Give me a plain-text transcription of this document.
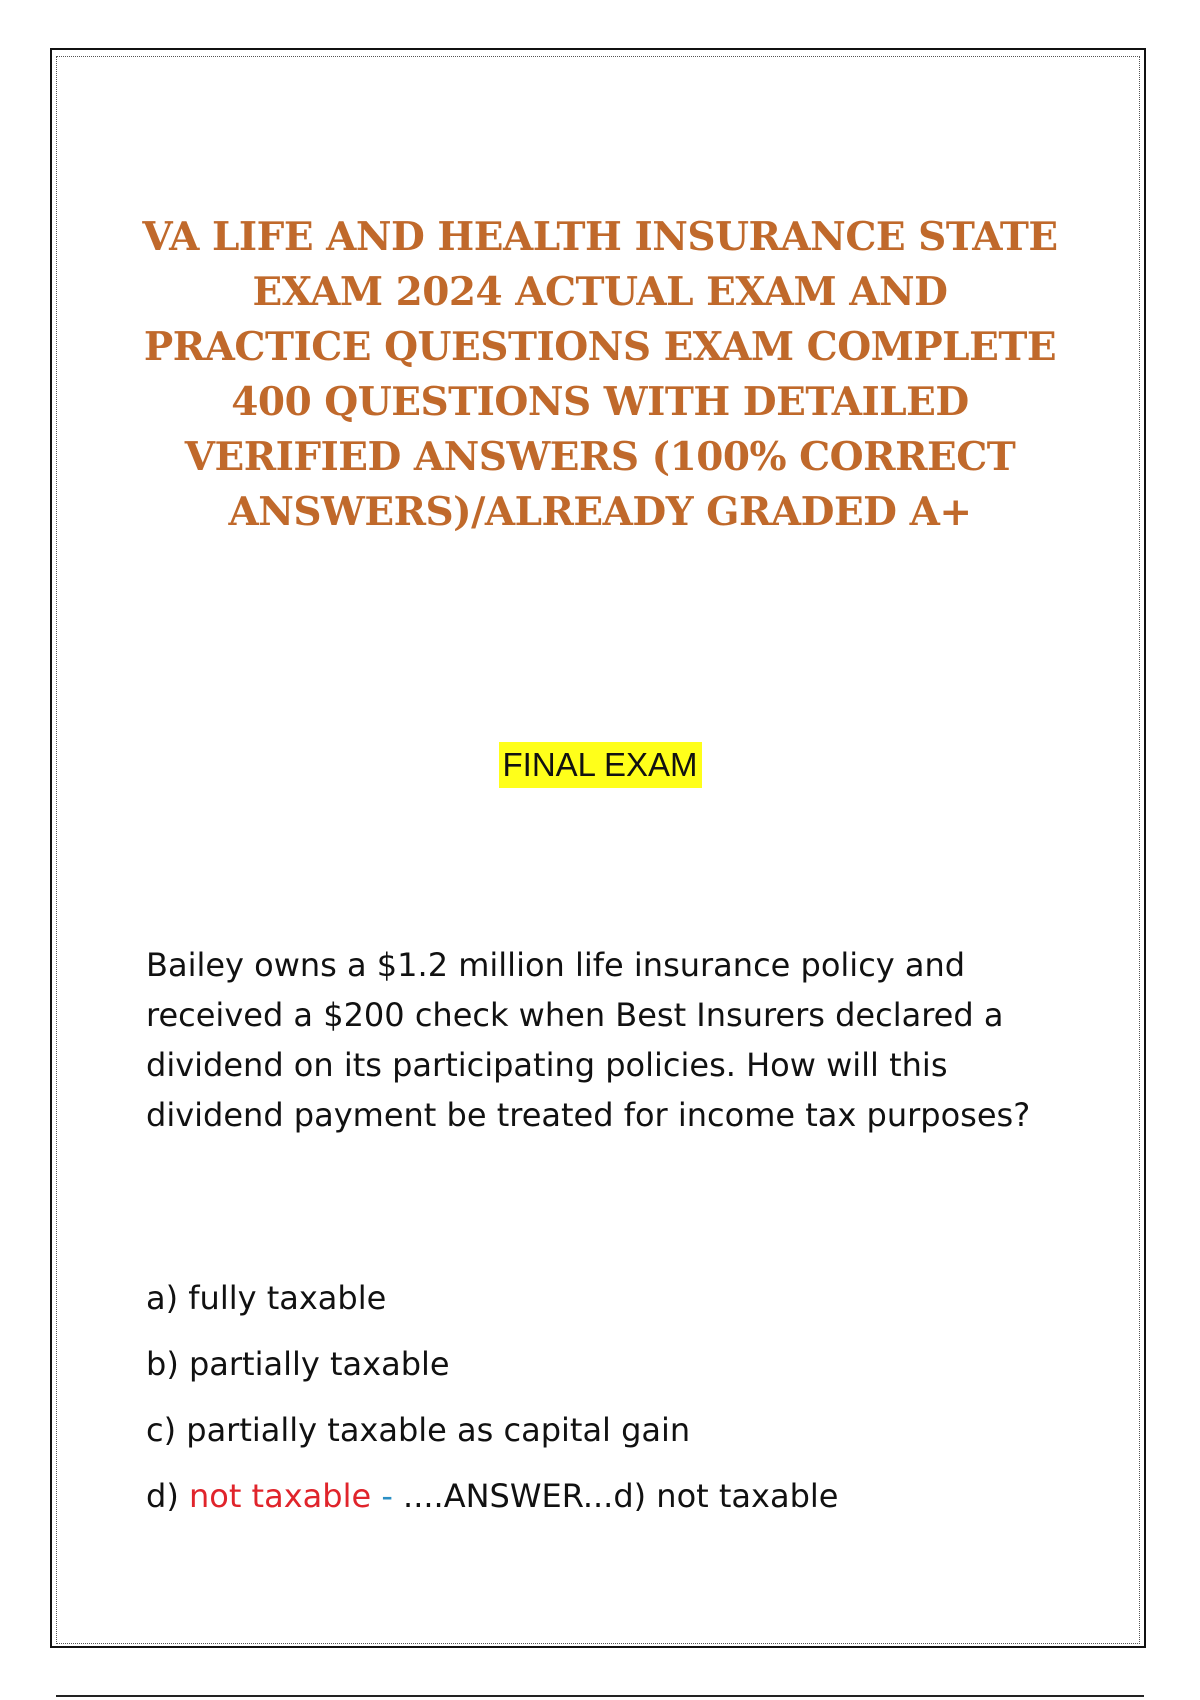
VA LIFE AND HEALTH INSURANCE STATE EXAM 2024 ACTUAL EXAM AND PRACTICE QUESTIONS EXAM COMPLETE 400 QUESTIONS WITH DETAILED VERIFIED ANSWERS (100% CORRECT ANSWERS)/ALREADY GRADED A+
FINAL EXAM

Bailey owns a $1.2 million life insurance policy and received a $200 check when Best Insurers declared a dividend on its participating policies. How will this dividend payment be treated for income tax purposes?

a) fully taxable
b) partially taxable
c) partially taxable as capital gain
d) not taxable - ....ANSWER...d) not taxable
